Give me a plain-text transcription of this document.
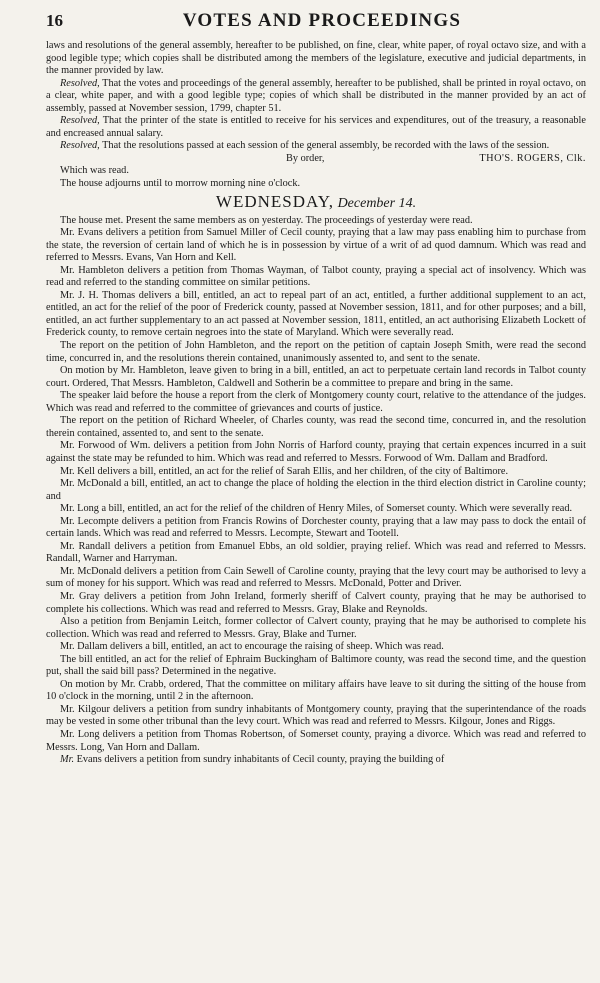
16	VOTES AND PROCEEDINGS

laws and resolutions of the general assembly, hereafter to be published, on fine, clear, white paper, of royal octavo size, and with a good legible type; which copies shall be distributed among the members of the legislature, executive and judicial departments, in the manner provided by law.

Resolved, That the votes and proceedings of the general assembly, hereafter to be published, shall be printed in royal octavo, on a clear, white paper, and with a good legible type; copies of which shall be distributed in the manner provided by an act of assembly, passed at November session, 1799, chapter 51.

Resolved, That the printer of the state is entitled to receive for his services and expenditures, out of the treasury, a reasonable and encreased annual salary.

Resolved, That the resolutions passed at each session of the general assembly, be recorded with the laws of the session.

By order,	THO'S. ROGERS, Clk.

Which was read.

The house adjourns until to morrow morning nine o'clock.

WEDNESDAY, December 14.

The house met. Present the same members as on yesterday. The proceedings of yesterday were read.

Mr. Evans delivers a petition from Samuel Miller of Cecil county, praying that a law may pass enabling him to purchase from the state, the reversion of certain land of which he is in possession by virtue of a writ of ad quod damnum. Which was read and referred to Messrs. Evans, Van Horn and Kell.

Mr. Hambleton delivers a petition from Thomas Wayman, of Talbot county, praying a special act of insolvency. Which was read and referred to the standing committee on similar petitions.

Mr. J. H. Thomas delivers a bill, entitled, an act to repeal part of an act, entitled, a further additional supplement to an act, entitled, an act for the relief of the poor of Frederick county, passed at November session, 1811, and for other purposes; and a bill, entitled, an act further supplementary to an act passed at November session, 1811, entitled, an act authorising Elizabeth Lockett of Frederick county, to remove certain negroes into the state of Maryland. Which were severally read.

The report on the petition of John Hambleton, and the report on the petition of captain Joseph Smith, were read the second time, concurred in, and the resolutions therein contained, unanimously assented to, and sent to the senate.

On motion by Mr. Hambleton, leave given to bring in a bill, entitled, an act to perpetuate certain land records in Talbot county court. Ordered, That Messrs. Hambleton, Caldwell and Sotherin be a committee to prepare and bring in the same.

The speaker laid before the house a report from the clerk of Montgomery county court, relative to the attendance of the judges. Which was read and referred to the committee of grievances and courts of justice.

The report on the petition of Richard Wheeler, of Charles county, was read the second time, concurred in, and the resolution therein contained, assented to, and sent to the senate.

Mr. Forwood of Wm. delivers a petition from John Norris of Harford county, praying that certain expences incurred in a suit against the state may be refunded to him. Which was read and referred to Messrs. Forwood of Wm. Dallam and Bradford.

Mr. Kell delivers a bill, entitled, an act for the relief of Sarah Ellis, and her children, of the city of Baltimore.

Mr. McDonald a bill, entitled, an act to change the place of holding the election in the third election district in Caroline county; and

Mr. Long a bill, entitled, an act for the relief of the children of Henry Miles, of Somerset county. Which were severally read.

Mr. Lecompte delivers a petition from Francis Rowins of Dorchester county, praying that a law may pass to dock the entail of certain lands. Which was read and referred to Messrs. Lecompte, Stewart and Tootell.

Mr. Randall delivers a petition from Emanuel Ebbs, an old soldier, praying relief. Which was read and referred to Messrs. Randall, Warner and Harryman.

Mr. McDonald delivers a petition from Cain Sewell of Caroline county, praying that the levy court may be authorised to levy a sum of money for his support. Which was read and referred to Messrs. McDonald, Potter and Driver.

Mr. Gray delivers a petition from John Ireland, formerly sheriff of Calvert county, praying that he may be authorised to complete his collections. Which was read and referred to Messrs. Gray, Blake and Reynolds.

Also a petition from Benjamin Leitch, former collector of Calvert county, praying that he may be authorised to complete his collection. Which was read and referred to Messrs. Gray, Blake and Turner.

Mr. Dallam delivers a bill, entitled, an act to encourage the raising of sheep. Which was read.

The bill entitled, an act for the relief of Ephraim Buckingham of Baltimore county, was read the second time, and the question put, shall the said bill pass? Determined in the negative.

On motion by Mr. Crabb, ordered, That the committee on military affairs have leave to sit during the sitting of the house from 10 o'clock in the morning, until 2 in the afternoon.

Mr. Kilgour delivers a petition from sundry inhabitants of Montgomery county, praying that the superintendance of the roads may be vested in some other tribunal than the levy court. Which was read and referred to Messrs. Kilgour, Jones and Riggs.

Mr. Long delivers a petition from Thomas Robertson, of Somerset county, praying a divorce. Which was read and referred to Messrs. Long, Van Horn and Dallam.

Mr. Evans delivers a petition from sundry inhabitants of Cecil county, praying the building of
